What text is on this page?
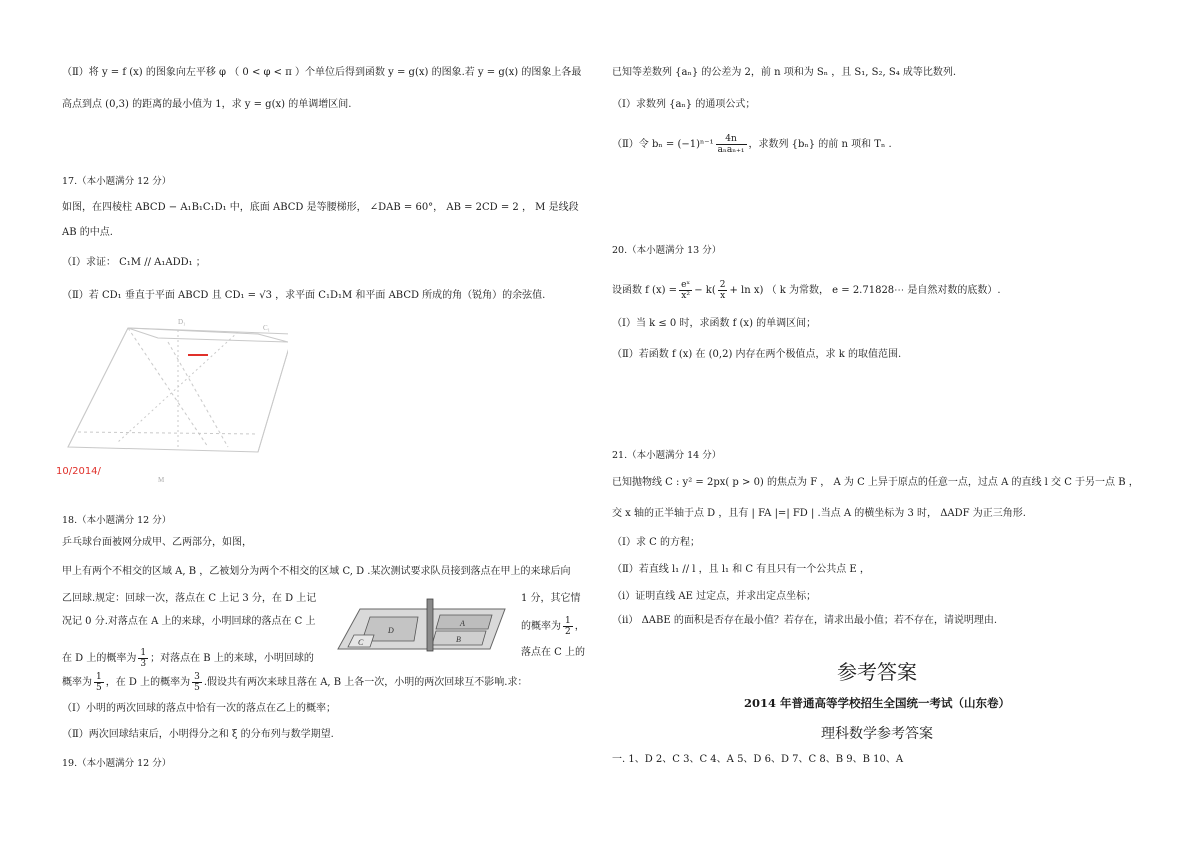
（Ⅱ）将 y = f (x) 的图象向左平移 φ （ 0 < φ < π ）个单位后得到函数 y = g(x) 的图象.若 y = g(x) 的图象上各最
高点到点 (0,3) 的距离的最小值为 1，求 y = g(x) 的单调增区间.
17.（本小题满分 12 分）
如图，在四棱柱 ABCD − A₁B₁C₁D₁ 中，底面 ABCD 是等腰梯形， ∠DAB = 60°， AB = 2CD = 2 ， M 是线段
AB 的中点.
（Ⅰ）求证： C₁M // A₁ADD₁ ；
（Ⅱ）若 CD₁ 垂直于平面 ABCD 且 CD₁ = √3 ，求平面 C₁D₁M 和平面 ABCD 所成的角（锐角）的余弦值.
D₁
C₁
M
10/2014/
18.（本小题满分 12 分）
乒乓球台面被网分成甲、乙两部分，如图，
甲上有两个不相交的区域 A, B ，乙被划分为两个不相交的区域 C, D .某次测试要求队员接到落点在甲上的来球后向
乙回球.规定：回球一次，落点在 C 上记 3 分，在 D 上记	1 分，其它情
况记 0 分.对落点在 A 上的来球，小明回球的落点在 C 上	的概率为 $\frac{1}{2}$ ，
D
A
C	B
在 D 上的概率为 $\frac{1}{3}$ ；对落点在 B 上的来球，小明回球的
落点在 C 上的
概率为 $\frac{1}{5}$ ，在 D 上的概率为 $\frac{3}{5}$ .假设共有两次来球且落在 A, B 上各一次，小明的两次回球互不影响.求：
（Ⅰ）小明的两次回球的落点中恰有一次的落点在乙上的概率；
（Ⅱ）两次回球结束后，小明得分之和 ξ 的分布列与数学期望.
19.（本小题满分 12 分）
已知等差数列 {aₙ} 的公差为 2，前 n 项和为 Sₙ ，且 S₁, S₂, S₄ 成等比数列.
（Ⅰ）求数列 {aₙ} 的通项公式；
（Ⅱ）令 $b_n = (-1)^{n-1} \frac{4n}{\text{aₙaₙ₊₁}}$ ，求数列 {bₙ} 的前 n 项和 Tₙ .
20.（本小题满分 13 分）
设函数 f $(x) = \frac{\text{eˣ}}{\text{x²}} - k( \frac{2}{x} + \ln x)$ （ k 为常数， e = 2.71828⋯ 是自然对数的底数）.
（Ⅰ）当 k ≤ 0 时，求函数 f (x) 的单调区间；
（Ⅱ）若函数 f (x) 在 (0,2) 内存在两个极值点，求 k 的取值范围.
21.（本小题满分 14 分）
已知抛物线 C : y² = 2px( p > 0) 的焦点为 F ， A 为 C 上异于原点的任意一点，过点 A 的直线 l 交 C 于另一点 B ，
交 x 轴的正半轴于点 D ，且有 | FA |=| FD | .当点 A 的横坐标为 3 时， ΔADF 为正三角形.
（Ⅰ）求 C 的方程；
（Ⅱ）若直线 l₁ // l ，且 l₁ 和 C 有且只有一个公共点 E ，
（ⅰ）证明直线 AE 过定点，并求出定点坐标；
（ⅱ） ΔABE 的面积是否存在最小值？若存在，请求出最小值；若不存在，请说明理由.
参考答案
2014 年普通高等学校招生全国统一考试（山东卷）
理科数学参考答案
一. 1、D 2、C 3、C 4、A 5、D 6、D 7、C 8、B 9、B 10、A
